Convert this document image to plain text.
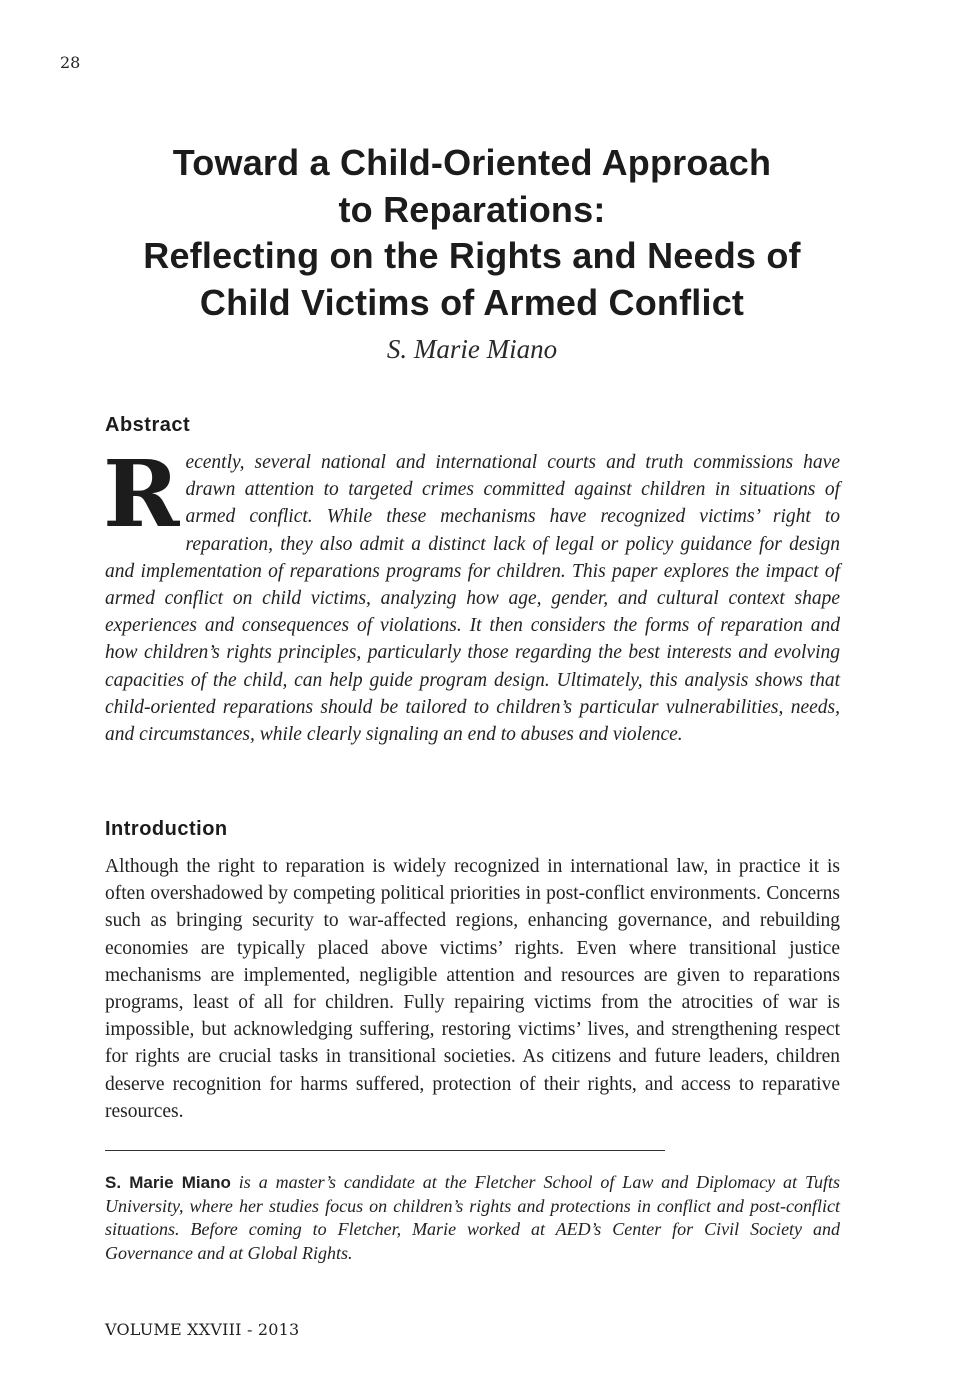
28
Toward a Child-Oriented Approach
to Reparations:
Reflecting on the Rights and Needs of
Child Victims of Armed Conflict
S. Marie Miano
Abstract
Recently, several national and international courts and truth commissions have drawn attention to targeted crimes committed against children in situations of armed conflict. While these mechanisms have recognized victims’ right to reparation, they also admit a distinct lack of legal or policy guidance for design and implementation of reparations programs for children. This paper explores the impact of armed conflict on child victims, analyzing how age, gender, and cultural context shape experiences and consequences of violations. It then considers the forms of reparation and how children’s rights principles, particularly those regarding the best interests and evolving capacities of the child, can help guide program design. Ultimately, this analysis shows that child-oriented reparations should be tailored to children’s particular vulnerabilities, needs, and circumstances, while clearly signaling an end to abuses and violence.
Introduction
Although the right to reparation is widely recognized in international law, in practice it is often overshadowed by competing political priorities in post-conflict environments. Concerns such as bringing security to war-affected regions, enhancing governance, and rebuilding economies are typically placed above victims’ rights. Even where transitional justice mechanisms are implemented, negligible attention and resources are given to reparations programs, least of all for children. Fully repairing victims from the atrocities of war is impossible, but acknowledging suffering, restoring victims’ lives, and strengthening respect for rights are crucial tasks in transitional societies. As citizens and future leaders, children deserve recognition for harms suffered, protection of their rights, and access to reparative resources.
S. Marie Miano is a master’s candidate at the Fletcher School of Law and Diplomacy at Tufts University, where her studies focus on children’s rights and protections in conflict and post-conflict situations. Before coming to Fletcher, Marie worked at AED’s Center for Civil Society and Governance and at Global Rights.
VOLUME XXVIII - 2013
